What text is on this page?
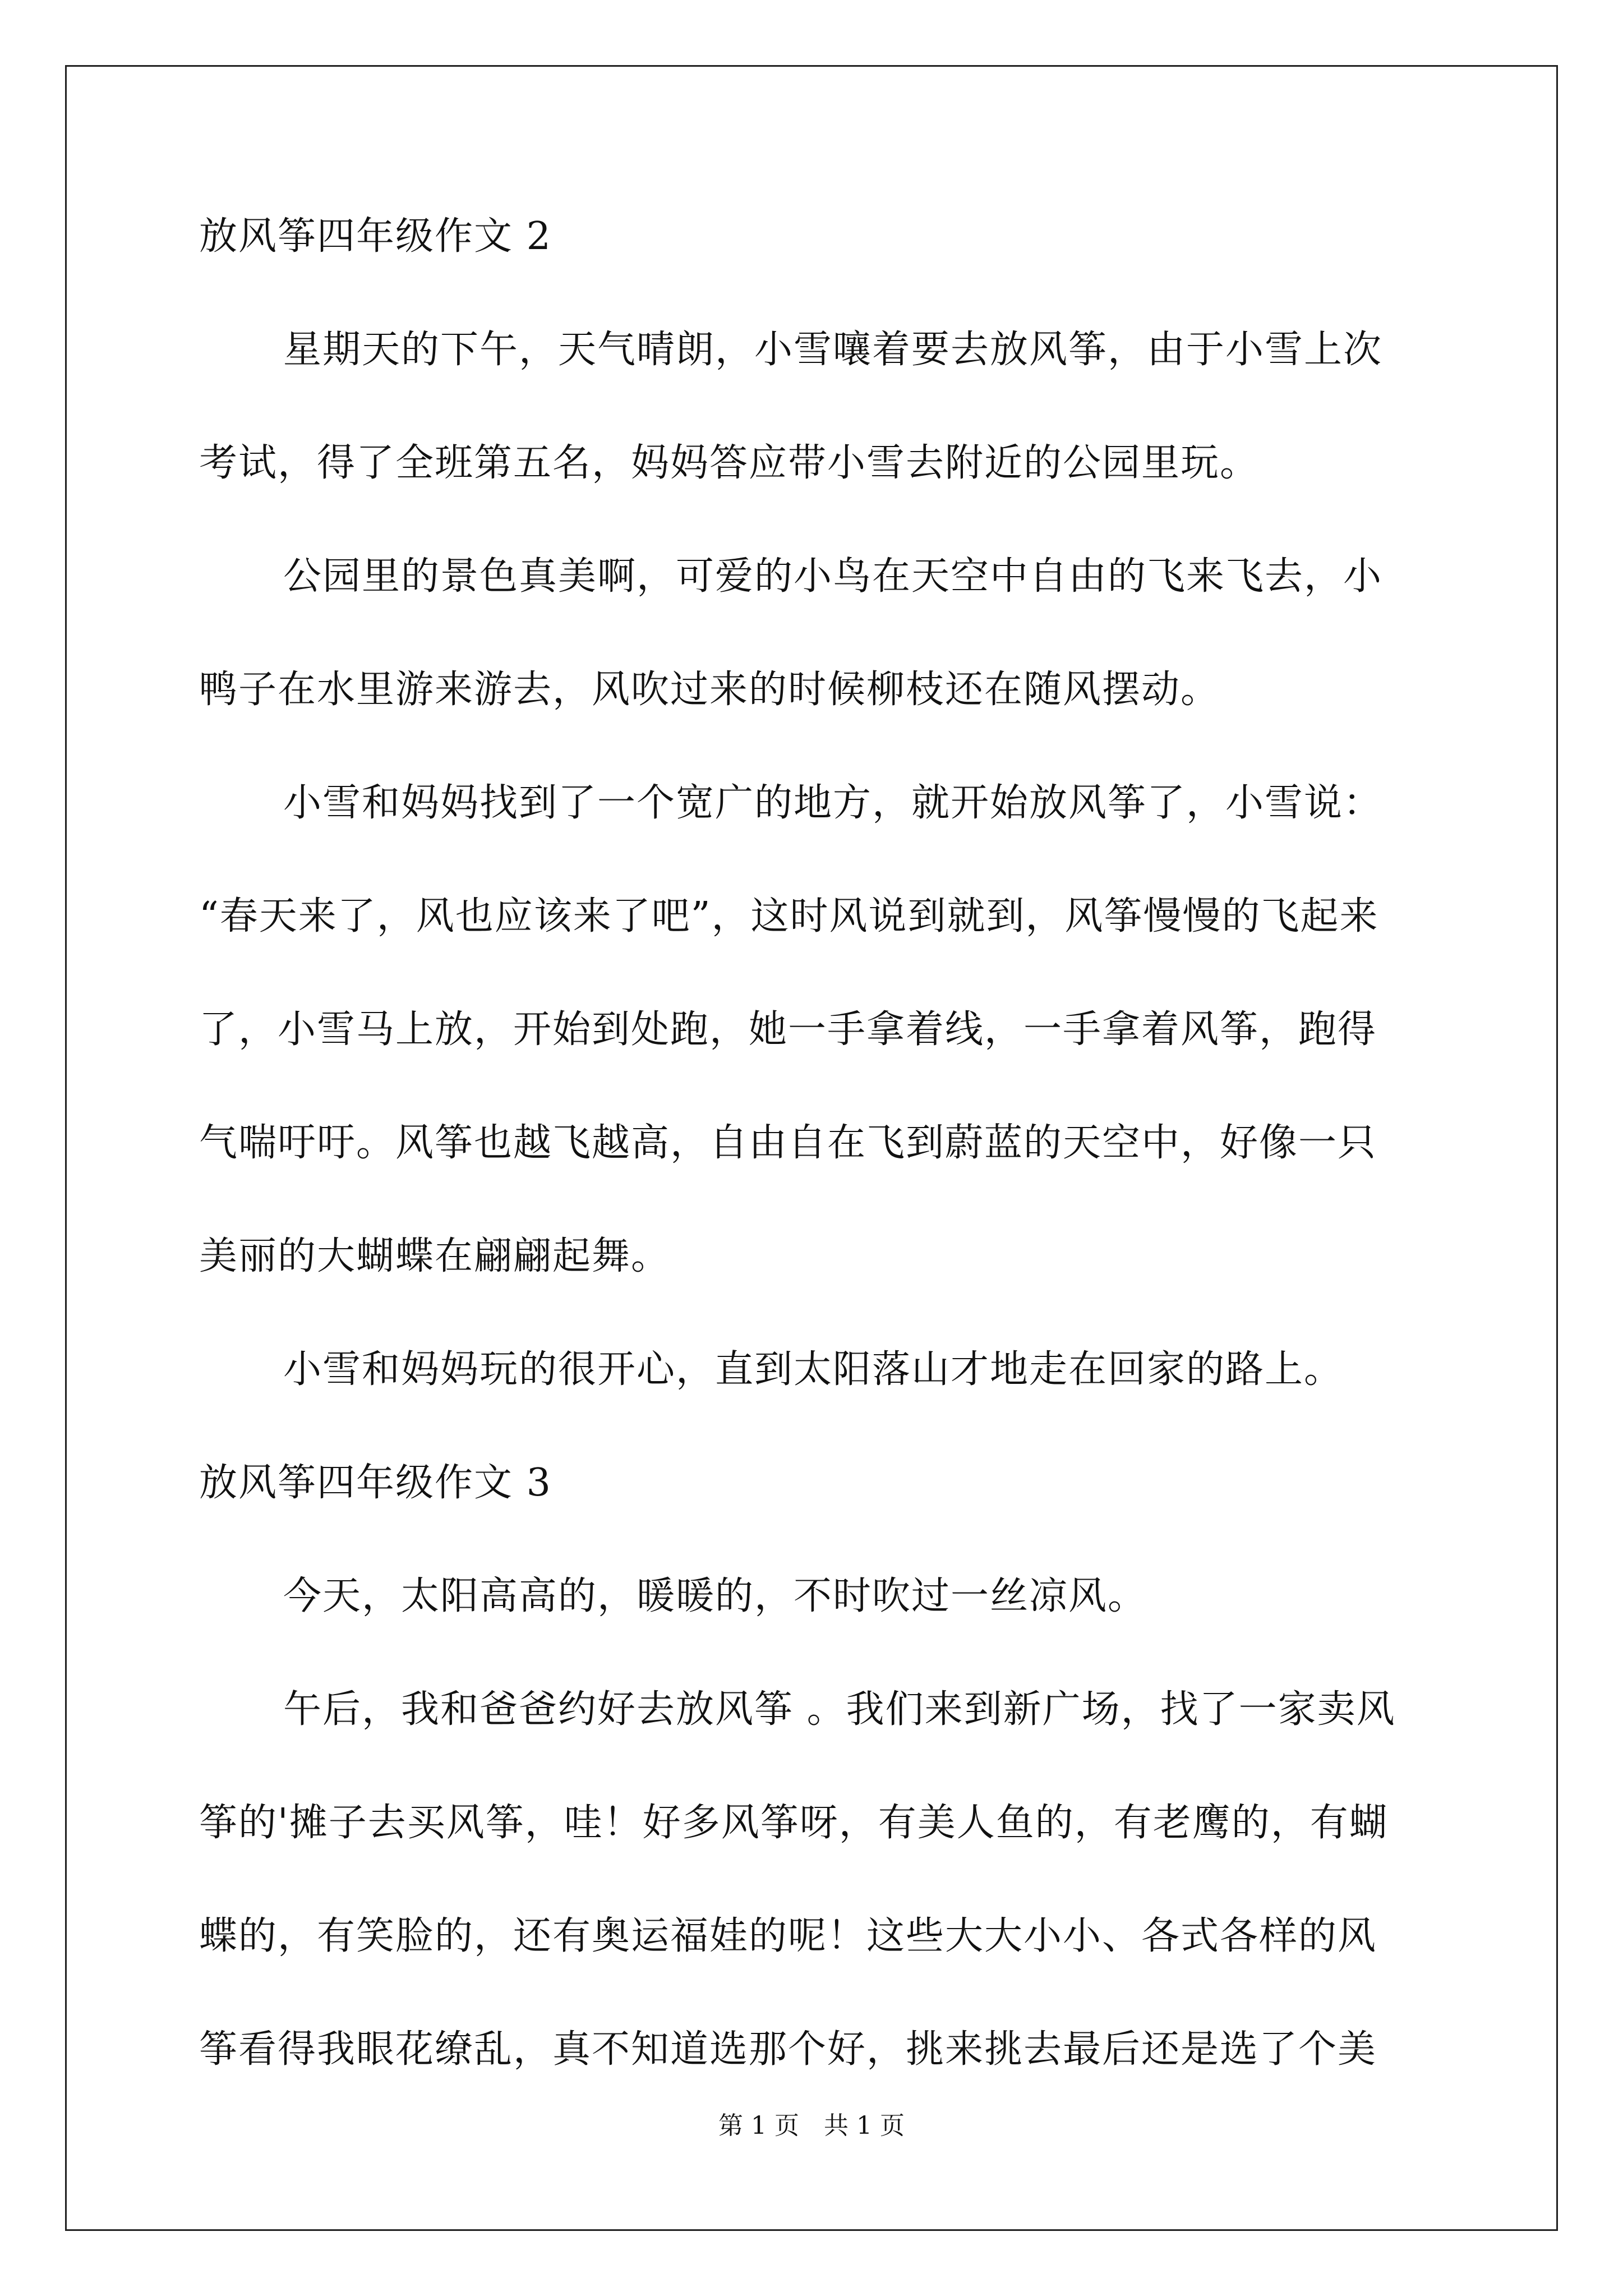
放风筝四年级作文 2
星期天的下午，天气晴朗，小雪嚷着要去放风筝，由于小雪上次
考试，得了全班第五名，妈妈答应带小雪去附近的公园里玩。
公园里的景色真美啊，可爱的小鸟在天空中自由的飞来飞去，小
鸭子在水里游来游去，风吹过来的时候柳枝还在随风摆动。
小雪和妈妈找到了一个宽广的地方，就开始放风筝了，小雪说：
“春天来了，风也应该来了吧”，这时风说到就到，风筝慢慢的飞起来
了，小雪马上放，开始到处跑，她一手拿着线，一手拿着风筝，跑得
气喘吁吁。风筝也越飞越高，自由自在飞到蔚蓝的天空中，好像一只
美丽的大蝴蝶在翩翩起舞。
小雪和妈妈玩的很开心，直到太阳落山才地走在回家的路上。
放风筝四年级作文 3
今天，太阳高高的，暖暖的，不时吹过一丝凉风。
午后，我和爸爸约好去放风筝 。我们来到新广场，找了一家卖风
筝的'摊子去买风筝，哇！好多风筝呀，有美人鱼的，有老鹰的，有蝴
蝶的，有笑脸的，还有奥运福娃的呢！这些大大小小、各式各样的风
筝看得我眼花缭乱，真不知道选那个好，挑来挑去最后还是选了个美
第 1 页　共 1 页
